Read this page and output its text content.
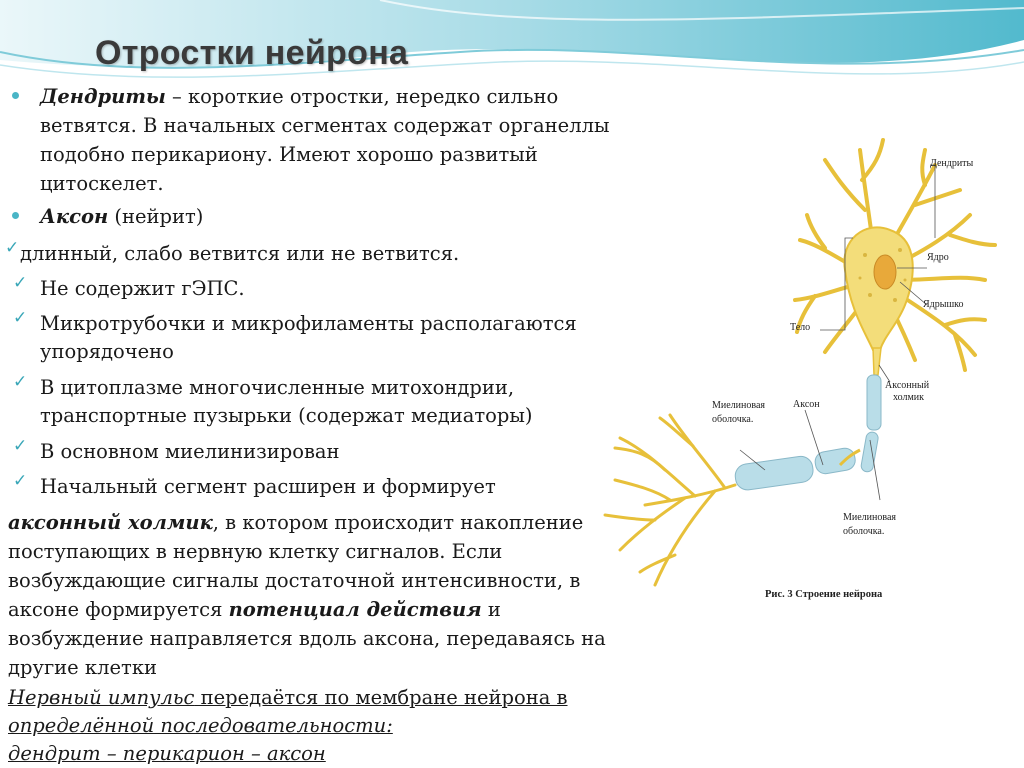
Отростки нейрона
Дендриты – короткие отростки, нередко сильно
ветвятся. В начальных сегментах содержат органеллы
подобно перикариону. Имеют хорошо развитый
цитоскелет.
Аксон (нейрит)
✓ длинный, слабо ветвится или не ветвится.
✓ Не содержит гЭПС.
✓ Микротрубочки и микрофиламенты располагаются
упорядочено
✓ В цитоплазме многочисленные митохондрии,
транспортные пузырьки (содержат медиаторы)
✓ В основном миелинизирован
✓ Начальный сегмент расширен и формирует
аксонный холмик, в котором происходит накопление
поступающих в нервную клетку сигналов. Если
возбуждающие сигналы достаточной интенсивности, в
аксоне формируется потенциал действия и
возбуждение направляется вдоль аксона, передаваясь на
другие клетки
Нервный импульс передаётся по мембране нейрона в
определённой последовательности:
дендрит – перикарион – аксон
Дендриты
Ядро
Ядрышко
Тело
Аксонный
холмик
Миелиновая
оболочка.
Аксон
Миелиновая
оболочка.
Рис. 3 Строение нейрона
